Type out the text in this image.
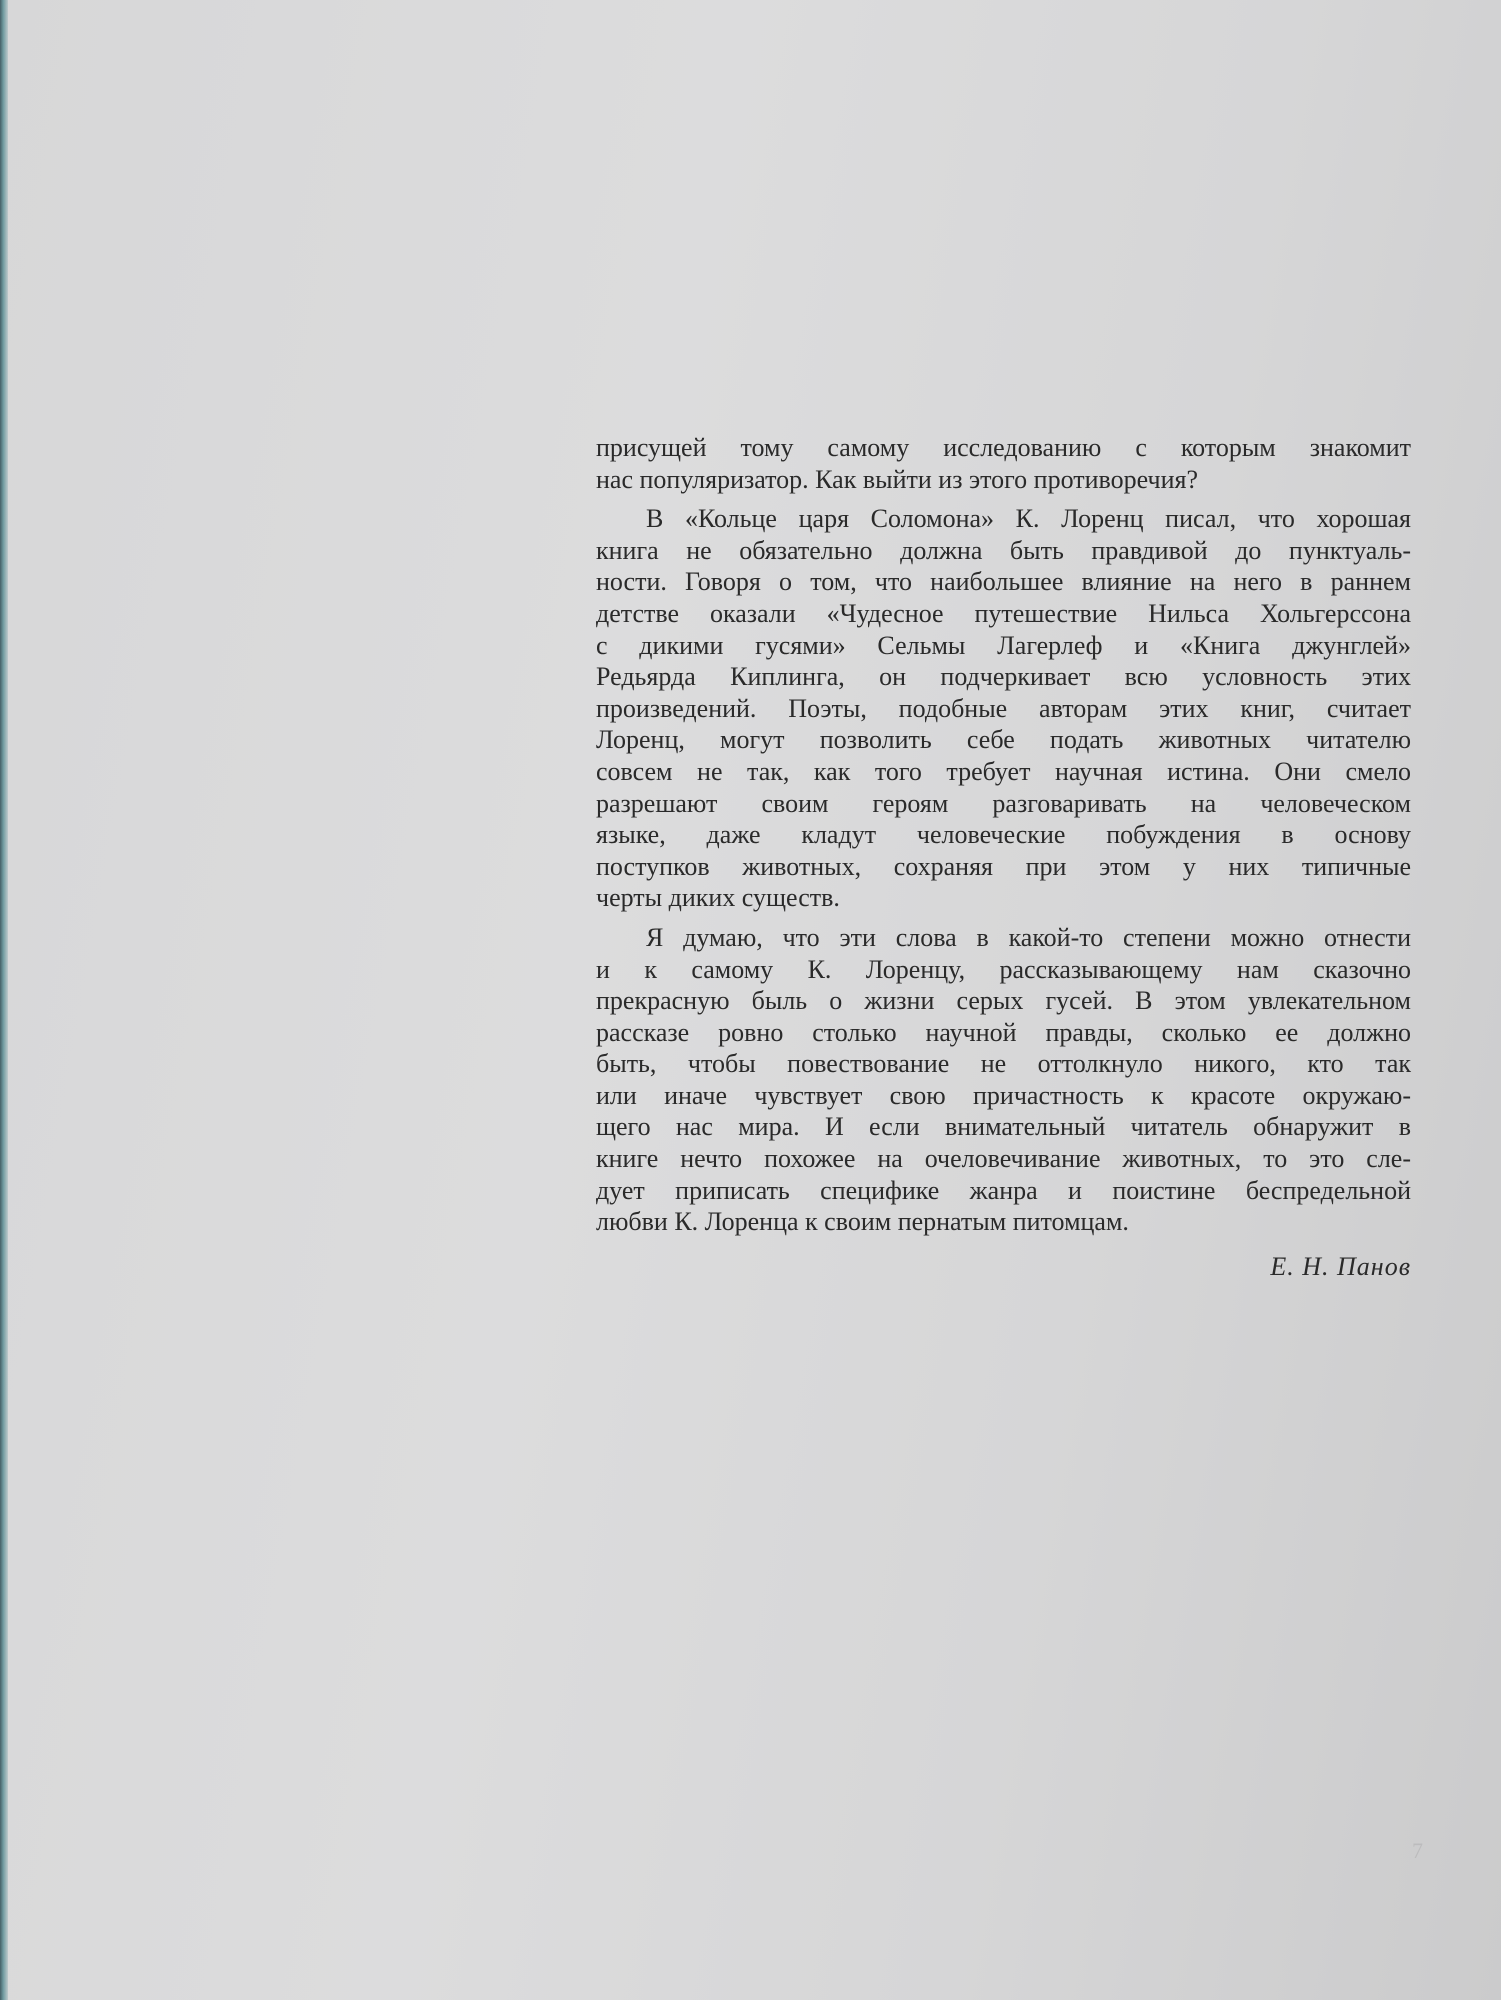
присущей тому самому исследованию с которым знакомит
нас популяризатор. Как выйти из этого противоречия?
В «Кольце царя Соломона» К. Лоренц писал, что хорошая
книга не обязательно должна быть правдивой до пунктуаль-
ности. Говоря о том, что наибольшее влияние на него в раннем
детстве оказали «Чудесное путешествие Нильса Хольгерссона
с дикими гусями» Сельмы Лагерлеф и «Книга джунглей»
Редьярда Киплинга, он подчеркивает всю условность этих
произведений. Поэты, подобные авторам этих книг, считает
Лоренц, могут позволить себе подать животных читателю
совсем не так, как того требует научная истина. Они смело
разрешают своим героям разговаривать на человеческом
языке, даже кладут человеческие побуждения в основу
поступков животных, сохраняя при этом у них типичные
черты диких существ.
Я думаю, что эти слова в какой-то степени можно отнести
и к самому К. Лоренцу, рассказывающему нам сказочно
прекрасную быль о жизни серых гусей. В этом увлекательном
рассказе ровно столько научной правды, сколько ее должно
быть, чтобы повествование не оттолкнуло никого, кто так
или иначе чувствует свою причастность к красоте окружаю-
щего нас мира. И если внимательный читатель обнаружит в
книге нечто похожее на очеловечивание животных, то это сле-
дует приписать специфике жанра и поистине беспредельной
любви К. Лоренца к своим пернатым питомцам.
Е. Н. Панов
7
